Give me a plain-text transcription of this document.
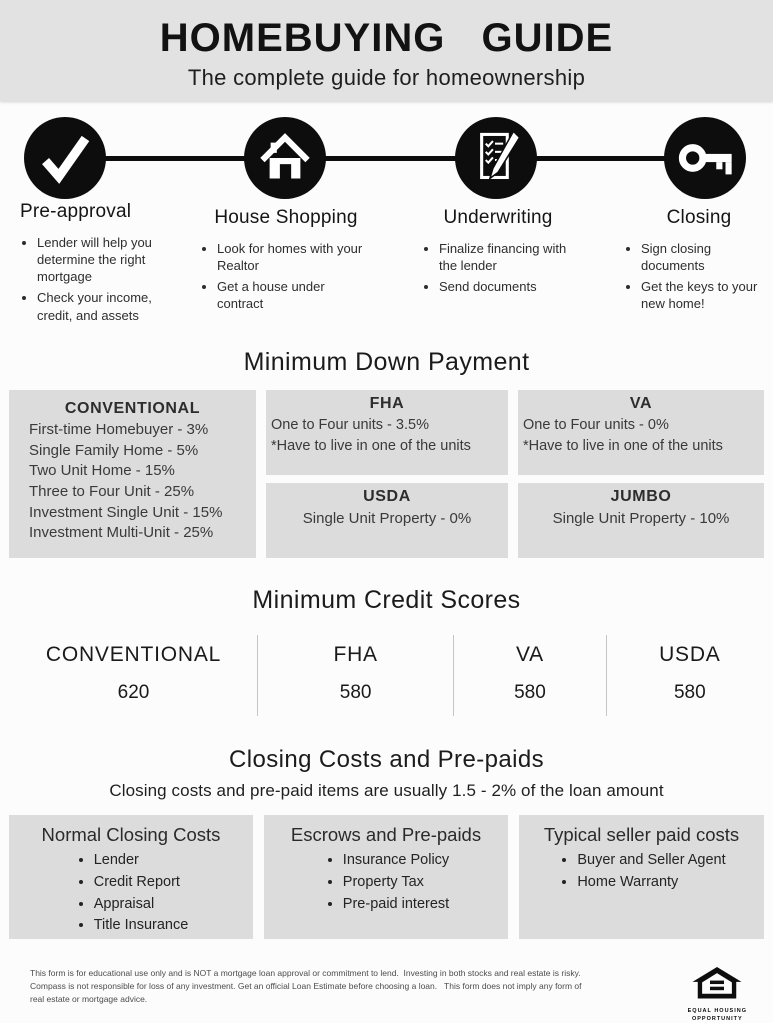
HOMEBUYING  GUIDE
The complete guide for homeownership
Pre-approval
• Lender will help you determine the right mortgage
• Check your income, credit, and assets
House Shopping
• Look for homes with your Realtor
• Get a house under contract
Underwriting
• Finalize financing with the lender
• Send documents
Closing
• Sign closing documents
• Get the keys to your new home!
Minimum Down Payment
CONVENTIONAL
First-time Homebuyer - 3%
Single Family Home - 5%
Two Unit Home - 15%
Three to Four Unit - 25%
Investment Single Unit - 15%
Investment Multi-Unit - 25%
FHA
One to Four units - 3.5%
*Have to live in one of the units
VA
One to Four units - 0%
*Have to live in one of the units
USDA
Single Unit Property - 0%
JUMBO
Single Unit Property - 10%
Minimum Credit Scores
CONVENTIONAL
620
FHA
580
VA
580
USDA
580
Closing Costs and Pre-paids
Closing costs and pre-paid items are usually 1.5 - 2% of the loan amount
Normal Closing Costs
• Lender
• Credit Report
• Appraisal
• Title Insurance
Escrows and Pre-paids
• Insurance Policy
• Property Tax
• Pre-paid interest
Typical seller paid costs
• Buyer and Seller Agent
• Home Warranty
This form is for educational use only and is NOT a mortgage loan approval or commitment to lend.  Investing in both stocks and real estate is risky.
Compass is not responsible for loss of any investment. Get an official Loan Estimate before choosing a loan.   This form does not imply any form of
real estate or mortgage advice.
EQUAL HOUSING
OPPORTUNITY
